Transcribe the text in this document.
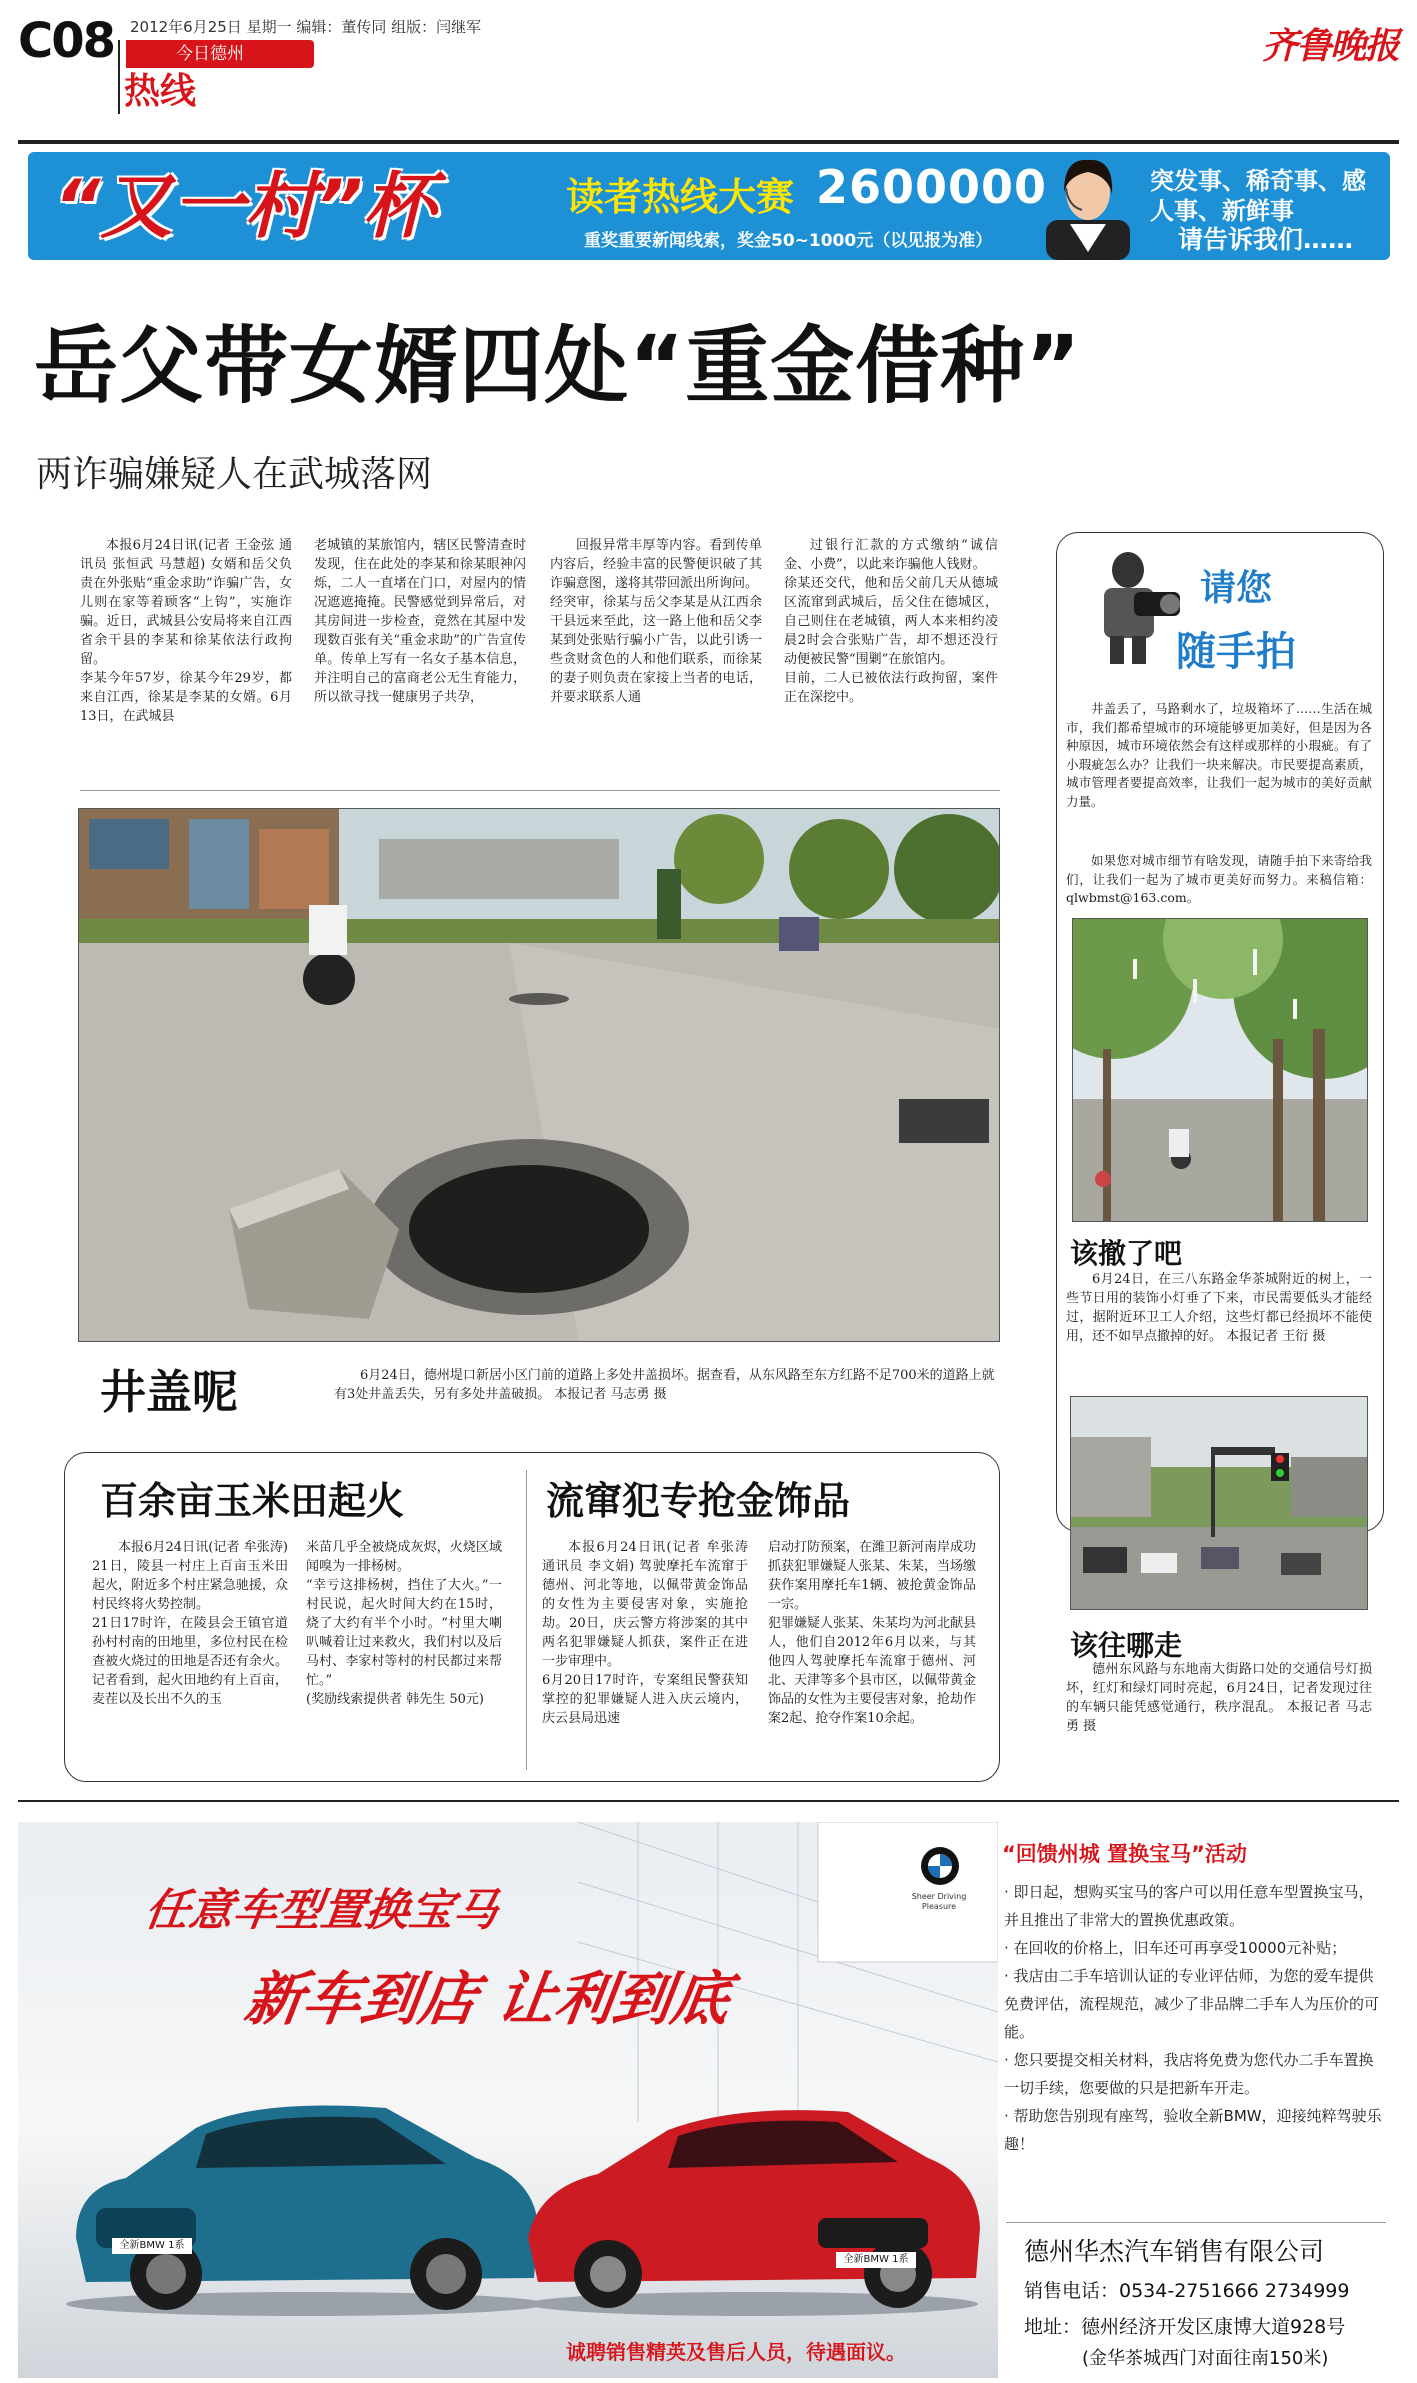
C08 2012年6月25日 星期一 编辑：董传同 组版：闫继军
今日德州
热线
齐鲁晚报
“又一村”杯	读者热线大赛 2600000
重奖重要新闻线索，奖金50~1000元（以见报为准）
突发事、稀奇事、感人事、新鲜事
请告诉我们……
岳父带女婿四处“重金借种”
两诈骗嫌疑人在武城落网
本报6月24日讯(记者 王金弦 通讯员 张恒武 马慧超) 女婿和岳父负责在外张贴“重金求助”诈骗广告，女儿则在家等着顾客“上钩”，实施诈骗。近日，武城县公安局将来自江西省余干县的李某和徐某依法行政拘留。
李某今年57岁，徐某今年29岁，都来自江西，徐某是李某的女婿。6月13日，在武城县
老城镇的某旅馆内，辖区民警清查时发现，住在此处的李某和徐某眼神闪烁，二人一直堵在门口，对屋内的情况遮遮掩掩。民警感觉到异常后，对其房间进一步检查，竟然在其屋中发现数百张有关“重金求助”的广告宣传单。传单上写有一名女子基本信息，并注明自己的富商老公无生育能力，所以欲寻找一健康男子共孕，
回报异常丰厚等内容。看到传单内容后，经验丰富的民警便识破了其诈骗意图，遂将其带回派出所询问。
经突审，徐某与岳父李某是从江西余干县远来至此，这一路上他和岳父李某到处张贴行骗小广告，以此引诱一些贪财贪色的人和他们联系，而徐某的妻子则负责在家接上当者的电话，并要求联系人通
过银行汇款的方式缴纳“诚信金、小费”，以此来诈骗他人钱财。
徐某还交代，他和岳父前几天从德城区流窜到武城后，岳父住在德城区，自己则住在老城镇，两人本来相约凌晨2时会合张贴广告，却不想还没行动便被民警“围剿”在旅馆内。
目前，二人已被依法行政拘留，案件正在深挖中。
井盖呢	6月24日，德州堤口新居小区门前的道路上多处井盖损坏。据查看，从东风路至东方红路不足700米的道路上就有3处井盖丢失，另有多处井盖破损。 本报记者 马志勇 摄
请您
随手拍
井盖丢了，马路剩水了，垃圾箱坏了……生活在城市，我们都希望城市的环境能够更加美好，但是因为各种原因，城市环境依然会有这样或那样的小瑕疵。有了小瑕疵怎么办？让我们一块来解决。市民要提高素质，城市管理者要提高效率，让我们一起为城市的美好贡献力量。
如果您对城市细节有啥发现，请随手拍下来寄给我们，让我们一起为了城市更美好而努力。来稿信箱：qlwbmst@163.com。
该撤了吧
6月24日，在三八东路金华茶城附近的树上，一些节日用的装饰小灯垂了下来，市民需要低头才能经过，据附近环卫工人介绍，这些灯都已经损坏不能使用，还不如早点撤掉的好。 本报记者 王衍 摄
该往哪走
德州东风路与东地南大街路口处的交通信号灯损坏，红灯和绿灯同时亮起，6月24日，记者发现过往的车辆只能凭感觉通行，秩序混乱。 本报记者 马志勇 摄
百余亩玉米田起火
本报6月24日讯(记者 牟张涛) 21日，陵县一村庄上百亩玉米田起火，附近多个村庄紧急驰援，众村民终将火势控制。
21日17时许，在陵县会王镇官道孙村村南的田地里，多位村民在检查被火烧过的田地是否还有余火。记者看到，起火田地约有上百亩，麦茬以及长出不久的玉
米苗几乎全被烧成灰烬，火烧区域闻嗅为一排杨树。
“幸亏这排杨树，挡住了大火。”一村民说，起火时间大约在15时，烧了大约有半个小时。“村里大喇叭喊着让过来救火，我们村以及后马村、李家村等村的村民都过来帮忙。”
(奖励线索提供者 韩先生 50元)
流窜犯专抢金饰品
本报6月24日讯(记者 牟张涛 通讯员 李文娟) 驾驶摩托车流窜于德州、河北等地，以佩带黄金饰品的女性为主要侵害对象，实施抢劫。20日，庆云警方将涉案的其中两名犯罪嫌疑人抓获，案件正在进一步审理中。
6月20日17时许，专案组民警获知掌控的犯罪嫌疑人进入庆云境内，庆云县局迅速
启动打防预案，在潍卫新河南岸成功抓获犯罪嫌疑人张某、朱某，当场缴获作案用摩托车1辆、被抢黄金饰品一宗。
犯罪嫌疑人张某、朱某均为河北献县人，他们自2012年6月以来，与其他四人驾驶摩托车流窜于德州、河北、天津等多个县市区，以佩带黄金饰品的女性为主要侵害对象，抢劫作案2起、抢夺作案10余起。
任意车型置换宝马
新车到店 让利到底
全新BMW 1系
全新BMW 1系
诚聘销售精英及售后人员，待遇面议。
Sheer Driving Pleasure
“回馈州城 置换宝马”活动
· 即日起，想购买宝马的客户可以用任意车型置换宝马，并且推出了非常大的置换优惠政策。
· 在回收的价格上，旧车还可再享受10000元补贴；
· 我店由二手车培训认证的专业评估师，为您的爱车提供免费评估，流程规范，减少了非品牌二手车人为压价的可能。
· 您只要提交相关材料，我店将免费为您代办二手车置换一切手续，您要做的只是把新车开走。
· 帮助您告别现有座驾，验收全新BMW，迎接纯粹驾驶乐趣！
德州华杰汽车销售有限公司
销售电话：0534-2751666 2734999
地址：德州经济开发区康博大道928号
(金华茶城西门对面往南150米)
